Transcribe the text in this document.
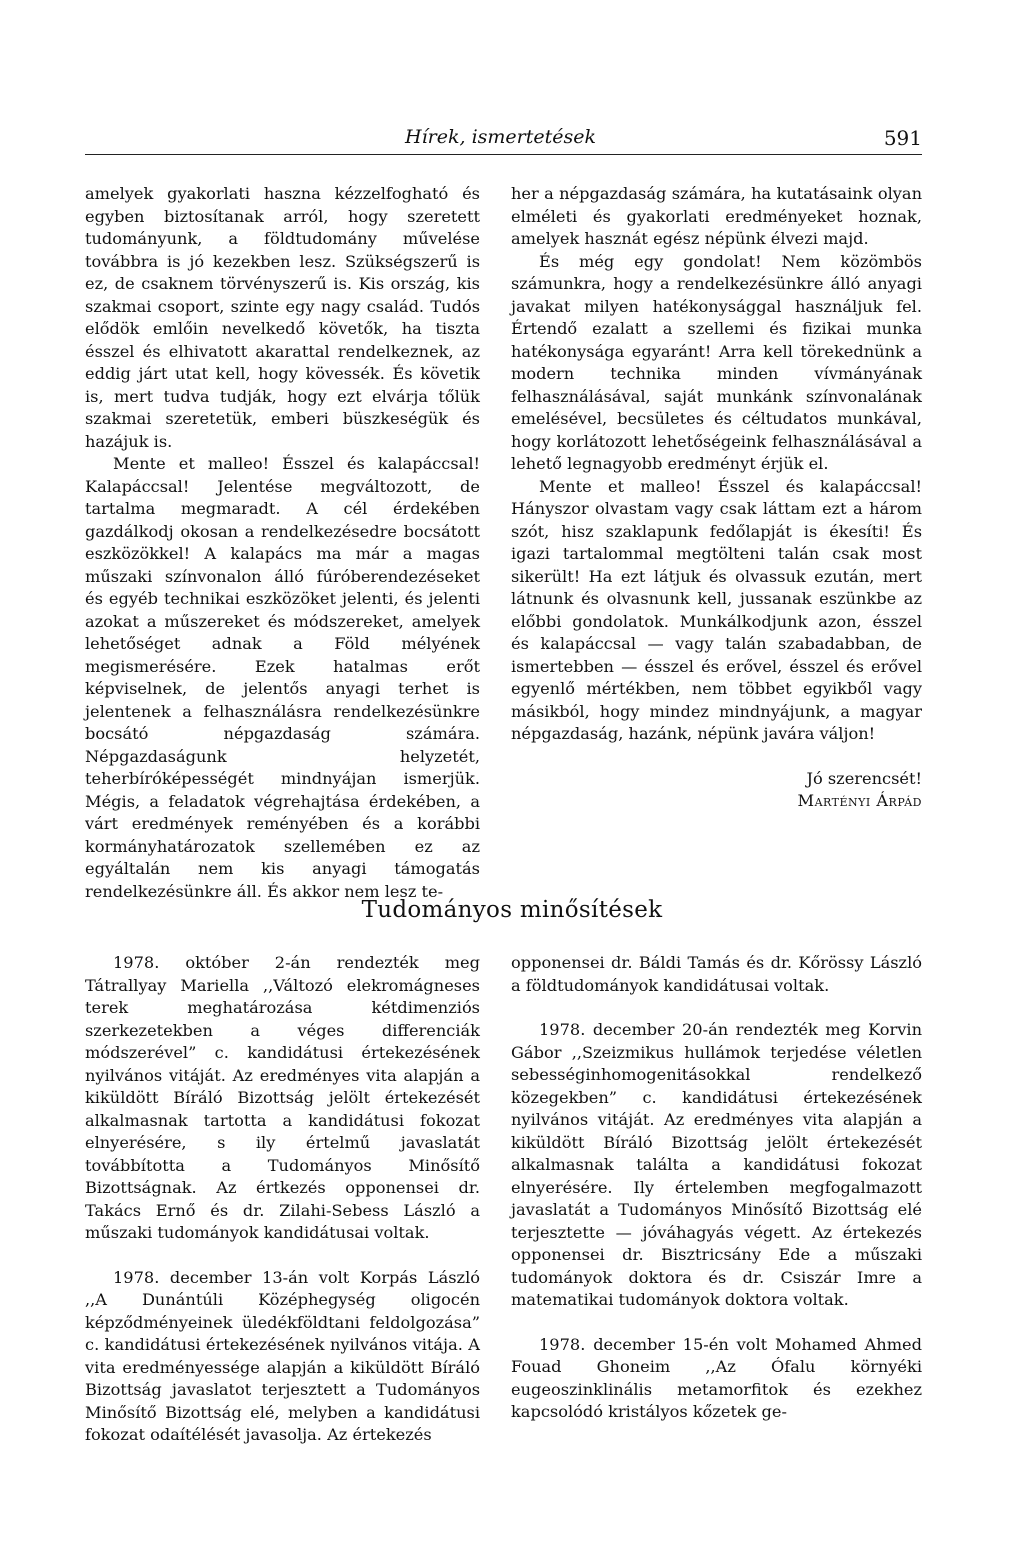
Hírek, ismertetések	591

amelyek gyakorlati haszna kézzelfogható és egyben biztosítanak arról, hogy szeretett tudományunk, a földtudomány művelése továbbra is jó kezekben lesz. Szükségszerű is ez, de csaknem törvényszerű is. Kis ország, kis szakmai csoport, szinte egy nagy család. Tudós elődök emlőin nevelkedő követők, ha tiszta ésszel és elhivatott akarattal rendelkeznek, az eddig járt utat kell, hogy kövessék. És követik is, mert tudva tudják, hogy ezt elvárja tőlük szakmai szeretetük, emberi büszkeségük és hazájuk is.

Mente et malleo! Ésszel és kalapáccsal! Kalapáccsal! Jelentése megváltozott, de tartalma megmaradt. A cél érdekében gazdálkodj okosan a rendelkezésedre bocsátott eszközökkel! A kalapács ma már a magas műszaki színvonalon álló fúróberendezéseket és egyéb technikai eszközöket jelenti, és jelenti azokat a műszereket és módszereket, amelyek lehetőséget adnak a Föld mélyének megismerésére. Ezek hatalmas erőt képviselnek, de jelentős anyagi terhet is jelentenek a felhasználásra rendelkezésünkre bocsátó népgazdaság számára. Népgazdaságunk helyzetét, teherbíróképességét mindnyájan ismerjük. Mégis, a feladatok végrehajtása érdekében, a várt eredmények reményében és a korábbi kormányhatározatok szellemében ez az egyáltalán nem kis anyagi támogatás rendelkezésünkre áll. És akkor nem lesz te-

her a népgazdaság számára, ha kutatásaink olyan elméleti és gyakorlati eredményeket hoznak, amelyek hasznát egész népünk élvezi majd.

És még egy gondolat! Nem közömbös számunkra, hogy a rendelkezésünkre álló anyagi javakat milyen hatékonysággal használjuk fel. Értendő ezalatt a szellemi és fizikai munka hatékonysága egyaránt! Arra kell törekednünk a modern technika minden vívmányának felhasználásával, saját munkánk színvonalának emelésével, becsületes és céltudatos munkával, hogy korlátozott lehetőségeink felhasználásával a lehető legnagyobb eredményt érjük el.

Mente et malleo! Ésszel és kalapáccsal! Hányszor olvastam vagy csak láttam ezt a három szót, hisz szaklapunk fedőlapját is ékesíti! És igazi tartalommal megtölteni talán csak most sikerült! Ha ezt látjuk és olvassuk ezután, mert látnunk és olvasnunk kell, jussanak eszünkbe az előbbi gondolatok. Munkálkodjunk azon, ésszel és kalapáccsal — vagy talán szabadabban, de ismertebben — ésszel és erővel, ésszel és erővel egyenlő mértékben, nem többet egyikből vagy másikból, hogy mindez mindnyájunk, a magyar népgazdaság, hazánk, népünk javára váljon!

Jó szerencsét!
Martényi Árpád
Tudományos minősítések

1978. október 2-án rendezték meg Tátrallyay Mariella ,,Változó elekromágneses terek meghatározása kétdimenziós szerkezetekben a véges differenciák módszerével” c. kandidátusi értekezésének nyilvános vitáját. Az eredményes vita alapján a kiküldött Bíráló Bizottság jelölt értekezését alkalmasnak tartotta a kandidátusi fokozat elnyerésére, s ily értelmű javaslatát továbbította a Tudományos Minősítő Bizottságnak. Az értkezés opponensei dr. Takács Ernő és dr. Zilahi-Sebess László a műszaki tudományok kandidátusai voltak.

1978. december 13-án volt Korpás László ,,A Dunántúli Középhegység oligocén képződményeinek üledékföldtani feldolgozása” c. kandidátusi értekezésének nyilvános vitája. A vita eredményessége alapján a kiküldött Bíráló Bizottság javaslatot terjesztett a Tudományos Minősítő Bizottság elé, melyben a kandidátusi fokozat odaítélését javasolja. Az értekezés

opponensei dr. Báldi Tamás és dr. Kőrössy László a földtudományok kandidátusai voltak.

1978. december 20-án rendezték meg Korvin Gábor ,,Szeizmikus hullámok terjedése véletlen sebességinhomogenitásokkal rendelkező közegekben” c. kandidátusi értekezésének nyilvános vitáját. Az eredményes vita alapján a kiküldött Bíráló Bizottság jelölt értekezését alkalmasnak találta a kandidátusi fokozat elnyerésére. Ily értelemben megfogalmazott javaslatát a Tudományos Minősítő Bizottság elé terjesztette — jóváhagyás végett. Az értekezés opponensei dr. Bisztricsány Ede a műszaki tudományok doktora és dr. Csiszár Imre a matematikai tudományok doktora voltak.

1978. december 15-én volt Mohamed Ahmed Fouad Ghoneim ,,Az Ófalu környéki eugeoszinklinális metamorfitok és ezekhez kapcsolódó kristályos kőzetek ge-
